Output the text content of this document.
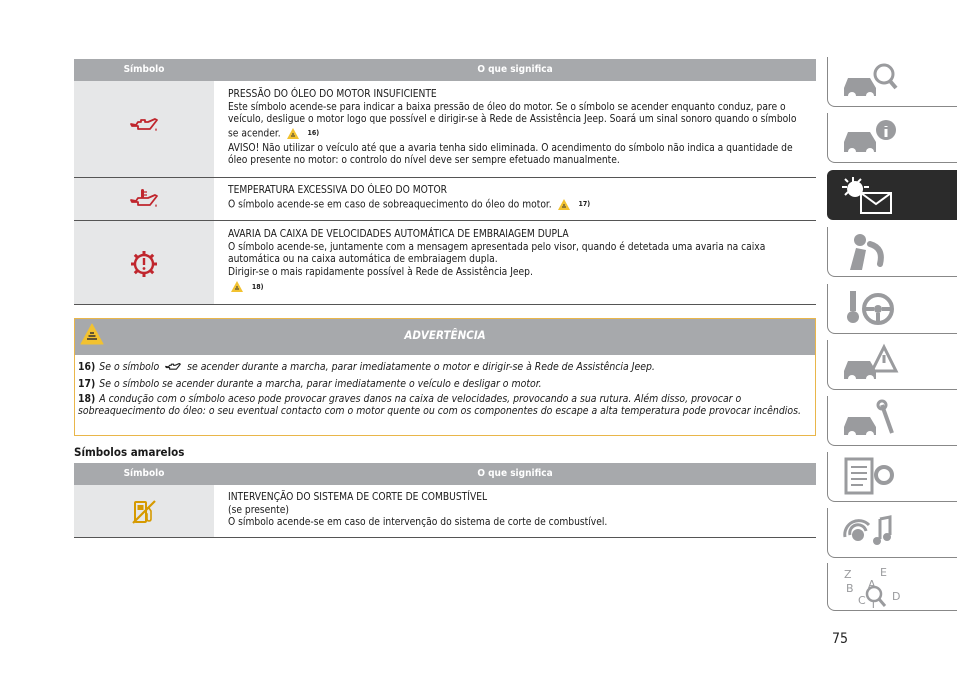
Símbolo	O que significa
PRESSÃO DO ÓLEO DO MOTOR INSUFICIENTE
Este símbolo acende-se para indicar a baixa pressão de óleo do motor. Se o símbolo se acender enquanto conduz, pare o veículo, desligue o motor logo que possível e dirigir-se à Rede de Assistência Jeep. Soará um sinal sonoro quando o símbolo se acender.	16)
AVISO! Não utilizar o veículo até que a avaria tenha sido eliminada. O acendimento do símbolo não indica a quantidade de óleo presente no motor: o controlo do nível deve ser sempre efetuado manualmente.
TEMPERATURA EXCESSIVA DO ÓLEO DO MOTOR
O símbolo acende-se em caso de sobreaquecimento do óleo do motor.	17)
AVARIA DA CAIXA DE VELOCIDADES AUTOMÁTICA DE EMBRAIAGEM DUPLA
O símbolo acende-se, juntamente com a mensagem apresentada pelo visor, quando é detetada uma avaria na caixa automática ou na caixa automática de embraiagem dupla.
Dirigir-se o mais rapidamente possível à Rede de Assistência Jeep.
18)
ADVERTÊNCIA
16) Se o símbolo	se acender durante a marcha, parar imediatamente o motor e dirigir-se à Rede de Assistência Jeep.
17) Se o símbolo se acender durante a marcha, parar imediatamente o veículo e desligar o motor.
18) A condução com o símbolo aceso pode provocar graves danos na caixa de velocidades, provocando a sua rutura. Além disso, provocar o sobreaquecimento do óleo: o seu eventual contacto com o motor quente ou com os componentes do escape a alta temperatura pode provocar incêndios.
Símbolos amarelos
Símbolo	O que significa
INTERVENÇÃO DO SISTEMA DE CORTE DE COMBUSTÍVEL
(se presente)
O símbolo acende-se em caso de intervenção do sistema de corte de combustível.
Z	E
B A
C T
D
75
